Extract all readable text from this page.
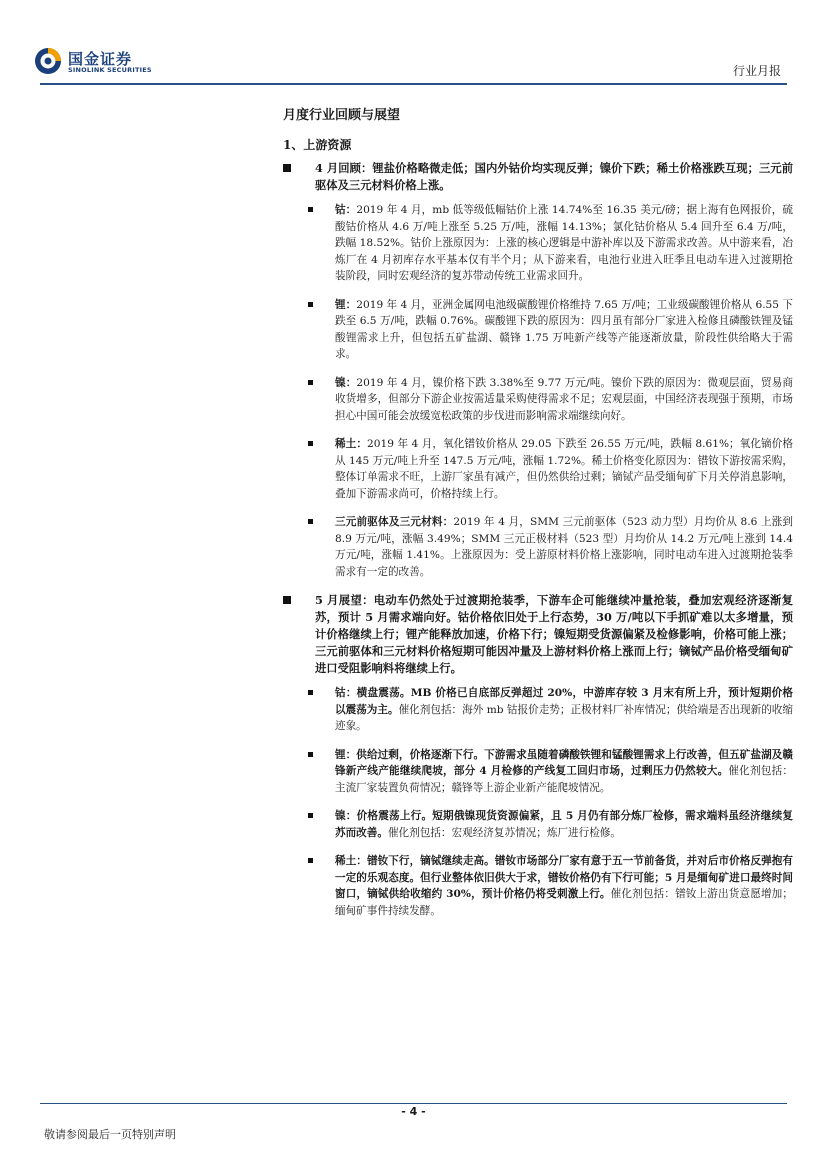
国金证券
SINOLINK SECURITIES	行业月报
月度行业回顾与展望
1、上游资源
4 月回顾：锂盐价格略微走低；国内外钴价均实现反弹；镍价下跌；稀土价格涨跌互现；三元前驱体及三元材料价格上涨。

钴：2019 年 4 月，mb 低等级低幅钴价上涨 14.74%至 16.35 美元/磅；据上海有色网报价，硫酸钴价格从 4.6 万/吨上涨至 5.25 万/吨，涨幅 14.13%；氯化钴价格从 5.4 回升至 6.4 万/吨，跌幅 18.52%。钴价上涨原因为：上涨的核心逻辑是中游补库以及下游需求改善。从中游来看，冶炼厂在 4 月初库存水平基本仅有半个月；从下游来看，电池行业进入旺季且电动车进入过渡期抢装阶段，同时宏观经济的复苏带动传统工业需求回升。

锂：2019 年 4 月，亚洲金属网电池级碳酸锂价格维持 7.65 万/吨；工业级碳酸锂价格从 6.55 下跌至 6.5 万/吨，跌幅 0.76%。碳酸锂下跌的原因为：四月虽有部分厂家进入检修且磷酸铁锂及锰酸锂需求上升，但包括五矿盐湖、赣锋 1.75 万吨新产线等产能逐渐放量，阶段性供给略大于需求。

镍：2019 年 4 月，镍价格下跌 3.38%至 9.77 万元/吨。镍价下跌的原因为：微观层面，贸易商收货增多，但部分下游企业按需适量采购使得需求不足；宏观层面，中国经济表现强于预期，市场担心中国可能会放缓宽松政策的步伐进而影响需求端继续向好。

稀土：2019 年 4 月，氧化镨钕价格从 29.05 下跌至 26.55 万元/吨，跌幅 8.61%；氧化镝价格从 145 万元/吨上升至 147.5 万元/吨，涨幅 1.72%。稀土价格变化原因为：镨钕下游按需采购，整体订单需求不旺，上游厂家虽有减产，但仍然供给过剩；镝铽产品受缅甸矿下月关停消息影响，叠加下游需求尚可，价格持续上行。

三元前驱体及三元材料：2019 年 4 月，SMM 三元前驱体（523 动力型）月均价从 8.6 上涨到 8.9 万元/吨，涨幅 3.49%；SMM 三元正极材料（523 型）月均价从 14.2 万元/吨上涨到 14.4 万元/吨，涨幅 1.41%。上涨原因为：受上游原材料价格上涨影响，同时电动车进入过渡期抢装季需求有一定的改善。

5 月展望：电动车仍然处于过渡期抢装季，下游车企可能继续冲量抢装，叠加宏观经济逐渐复苏，预计 5 月需求端向好。钴价格依旧处于上行态势，30 万/吨以下手抓矿难以太多增量，预计价格继续上行；锂产能释放加速，价格下行；镍短期受货源偏紧及检修影响，价格可能上涨；三元前驱体和三元材料价格短期可能因冲量及上游材料价格上涨而上行；镝铽产品价格受缅甸矿进口受阻影响料将继续上行。

钴：横盘震荡。MB 价格已自底部反弹超过 20%，中游库存较 3 月末有所上升，预计短期价格以震荡为主。催化剂包括：海外 mb 钴报价走势；正极材料厂补库情况；供给端是否出现新的收缩迹象。

锂：供给过剩，价格逐渐下行。下游需求虽随着磷酸铁锂和锰酸锂需求上行改善，但五矿盐湖及赣锋新产线产能继续爬坡，部分 4 月检修的产线复工回归市场，过剩压力仍然较大。催化剂包括：主流厂家装置负荷情况；赣锋等上游企业新产能爬坡情况。

镍：价格震荡上行。短期俄镍现货资源偏紧，且 5 月仍有部分炼厂检修，需求端料虽经济继续复苏而改善。催化剂包括：宏观经济复苏情况；炼厂进行检修。

稀土：镨钕下行，镝铽继续走高。镨钕市场部分厂家有意于五一节前备货，并对后市价格反弹抱有一定的乐观态度。但行业整体依旧供大于求，镨钕价格仍有下行可能；5 月是缅甸矿进口最终时间窗口，镝铽供给收缩约 30%，预计价格仍将受刺激上行。催化剂包括：镨钕上游出货意愿增加；缅甸矿事件持续发酵。

- 4 -
敬请参阅最后一页特别声明
